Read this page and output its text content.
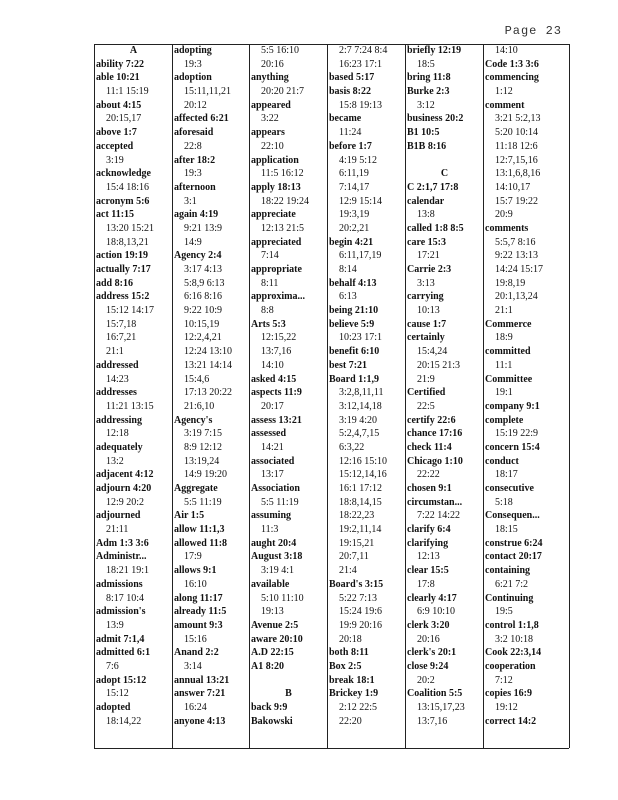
Page 23
A
ability 7:22
able 10:21
11:1 15:19
about 4:15
20:15,17
above 1:7
accepted
3:19
acknowledge
15:4 18:16
acronym 5:6
act 11:15
13:20 15:21
18:8,13,21
action 19:19
actually 7:17
add 8:16
address 15:2
15:12 14:17
15:7,18
16:7,21
21:1
addressed
14:23
addresses
11:21 13:15
addressing
12:18
adequately
13:2
adjacent 4:12
adjourn 4:20
12:9 20:2
adjourned
21:11
Adm 1:3 3:6
Administr...
18:21 19:1
admissions
8:17 10:4
admission's
13:9
admit 7:1,4
admitted 6:1
7:6
adopt 15:12
15:12
adopted
18:14,22
adopting
19:3
adoption
15:11,11,21
20:12
affected 6:21
aforesaid
22:8
after 18:2
19:3
afternoon
3:1
again 4:19
9:21 13:9
14:9
Agency 2:4
3:17 4:13
5:8,9 6:13
6:16 8:16
9:22 10:9
10:15,19
12:2,4,21
12:24 13:10
13:21 14:14
15:4,6
17:13 20:22
21:6,10
Agency's
3:19 7:15
8:9 12:12
13:19,24
14:9 19:20
Aggregate
5:5 11:19
Air 1:5
allow 11:1,3
allowed 11:8
17:9
allows 9:1
16:10
along 11:17
already 11:5
amount 9:3
15:16
Anand 2:2
3:14
annual 13:21
answer 7:21
16:24
anyone 4:13
5:5 16:10
20:16
anything
20:20 21:7
appeared
3:22
appears
22:10
application
11:5 16:12
apply 18:13
18:22 19:24
appreciate
12:13 21:5
appreciated
7:14
appropriate
8:11
approxima...
8:8
Arts 5:3
12:15,22
13:7,16
14:10
asked 4:15
aspects 11:9
20:17
assess 13:21
assessed
14:21
associated
13:17
Association
5:5 11:19
assuming
11:3
aught 20:4
August 3:18
3:19 4:1
available
5:10 11:10
19:13
Avenue 2:5
aware 20:10
A.D 22:15
A1 8:20
B
back 9:9
Bakowski
2:7 7:24 8:4
16:23 17:1
based 5:17
basis 8:22
15:8 19:13
became
11:24
before 1:7
4:19 5:12
6:11,19
7:14,17
12:9 15:14
19:3,19
20:2,21
begin 4:21
6:11,17,19
8:14
behalf 4:13
6:13
being 21:10
believe 5:9
10:23 17:1
benefit 6:10
best 7:21
Board 1:1,9
3:2,8,11,11
3:12,14,18
3:19 4:20
5:2,4,7,15
6:3,22
12:16 15:10
15:12,14,16
16:1 17:12
18:8,14,15
18:22,23
19:2,11,14
19:15,21
20:7,11
21:4
Board's 3:15
5:22 7:13
15:24 19:6
19:9 20:16
20:18
both 8:11
Box 2:5
break 18:1
Brickey 1:9
2:12 22:5
22:20
briefly 12:19
18:5
bring 11:8
Burke 2:3
3:12
business 20:2
B1 10:5
B1B 8:16
C
C 2:1,7 17:8
calendar
13:8
called 1:8 8:5
care 15:3
17:21
Carrie 2:3
3:13
carrying
10:13
cause 1:7
certainly
15:4,24
20:15 21:3
21:9
Certified
22:5
certify 22:6
chance 17:16
check 11:4
Chicago 1:10
22:22
chosen 9:1
circumstan...
7:22 14:22
clarify 6:4
clarifying
12:13
clear 15:5
17:8
clearly 4:17
6:9 10:10
clerk 3:20
20:16
clerk's 20:1
close 9:24
20:2
Coalition 5:5
13:15,17,23
13:7,16
14:10
Code 1:3 3:6
commencing
1:12
comment
3:21 5:2,13
5:20 10:14
11:18 12:6
12:7,15,16
13:1,6,8,16
14:10,17
15:7 19:22
20:9
comments
5:5,7 8:16
9:22 13:13
14:24 15:17
19:8,19
20:1,13,24
21:1
Commerce
18:9
committed
11:1
Committee
19:1
company 9:1
complete
15:19 22:9
concern 15:4
conduct
18:17
consecutive
5:18
Consequen...
18:15
construe 6:24
contact 20:17
containing
6:21 7:2
Continuing
19:5
control 1:1,8
3:2 10:18
Cook 22:3,14
cooperation
7:12
copies 16:9
19:12
correct 14:2
